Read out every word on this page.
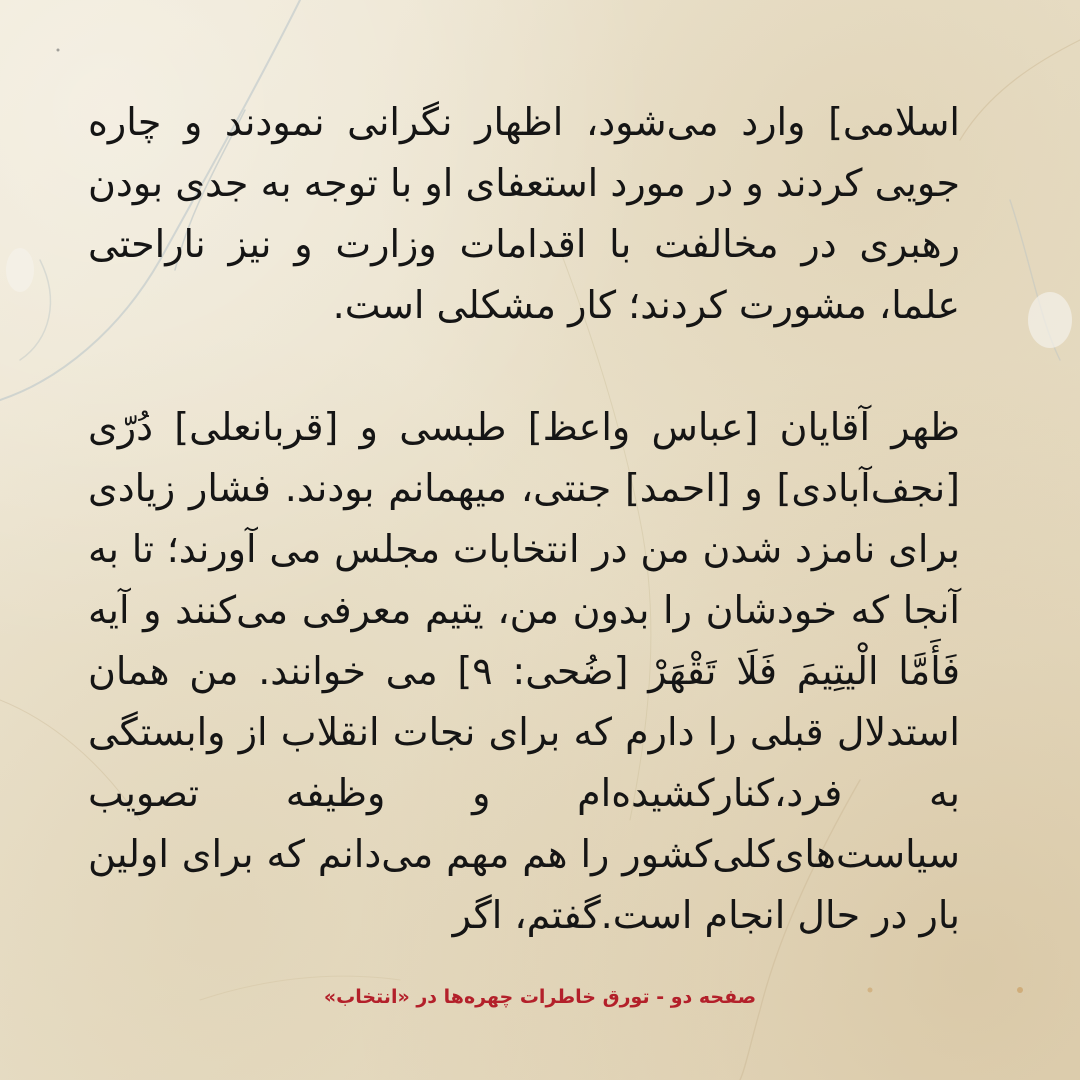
اسلامی] وارد می‌شود، اظهار نگرانی نمودند و چاره جویی کردند و در مورد استعفای او با توجه به جدی بودن رهبری در مخالفت با اقدامات وزارت و نیز ناراحتی علما، مشورت کردند؛ کار مشکلی است.

ظهر آقایان [عباس واعظ] طبسی و [قربانعلی] دُرّی [نجف‌آبادی] و [احمد] جنتی، میهمانم بودند. فشار زیادی برای نامزد شدن من در انتخابات مجلس می آورند؛ تا به آنجا که خودشان را بدون من، یتیم معرفی می‌کنند و آیه فَأَمَّا الْیتِیمَ فَلَا تَقْهَرْ [ضُحی: ۹] می خوانند. من همان استدلال قبلی را دارم که برای نجات انقلاب از وابستگی به فرد،کنارکشیده‌ام و وظیفه تصویب سیاست‌های‌کلی‌کشور را هم مهم می‌دانم که برای اولین بار در حال انجام است.گفتم، اگر

صفحه دو - تورق خاطرات چهره‌ها در «انتخاب»
